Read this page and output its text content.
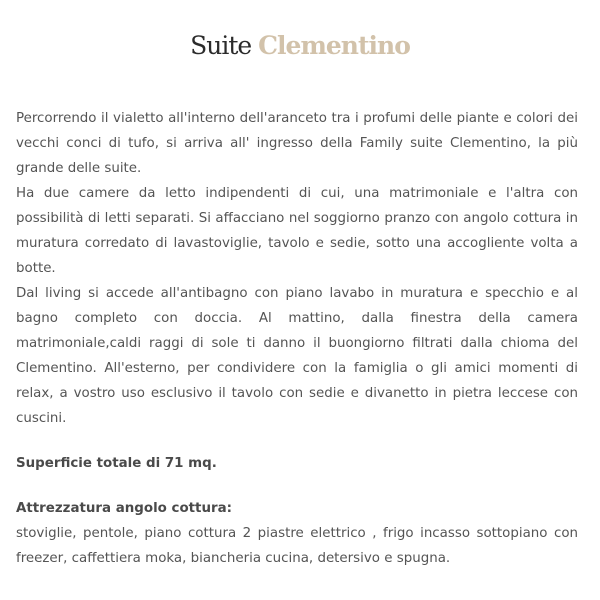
Suite Clementino

Percorrendo il vialetto all'interno dell'aranceto tra i profumi delle piante e colori dei vecchi conci di tufo, si arriva all' ingresso della Family suite Clementino, la più grande delle suite.

Ha due camere da letto indipendenti di cui, una matrimoniale e l'altra con possibilità di letti separati. Si affacciano nel soggiorno pranzo con angolo cottura in muratura corredato di lavastoviglie, tavolo e sedie, sotto una accogliente volta a botte.

Dal living si accede all'antibagno con piano lavabo in muratura e specchio e al bagno completo con doccia. Al mattino, dalla finestra della camera matrimoniale,caldi raggi di sole ti danno il buongiorno filtrati dalla chioma del Clementino. All'esterno, per condividere con la famiglia o gli amici momenti di relax, a vostro uso esclusivo il tavolo con sedie e divanetto in pietra leccese con cuscini.

Superficie totale di 71 mq.

Attrezzatura angolo cottura:

stoviglie, pentole, piano cottura 2 piastre elettrico , frigo incasso sottopiano con freezer, caffettiera moka, biancheria cucina, detersivo e spugna.
